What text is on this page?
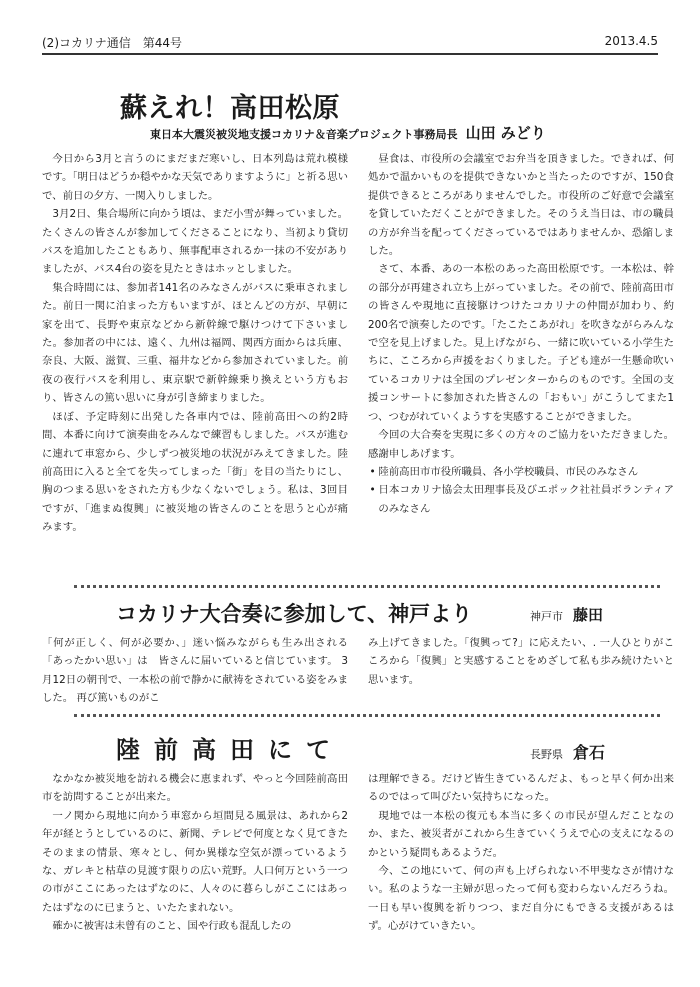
(2)コカリナ通信　第44号	2013.4.5
蘇えれ！高田松原
東日本大震災被災地支援コカリナ＆音楽プロジェクト事務局長 山田 みどり

今日から3月と言うのにまだまだ寒いし、日本列島は荒れ模様です。「明日はどうか穏やかな天気でありますように」と祈る思いで、前日の夕方、一関入りしました。

3月2日、集合場所に向かう頃は、まだ小雪が舞っていました。たくさんの皆さんが参加してくださることになり、当初より貸切バスを追加したこともあり、無事配車されるか一抹の不安がありましたが、バス4台の姿を見たときはホッとしました。

集合時間には、参加者141名のみなさんがバスに乗車されました。前日一関に泊まった方もいますが、ほとんどの方が、早朝に家を出て、長野や東京などから新幹線で駆けつけて下さいました。参加者の中には、遠く、九州は福岡、関西方面からは兵庫、奈良、大阪、滋賀、三重、福井などから参加されていました。前夜の夜行バスを利用し、東京駅で新幹線乗り換えという方もおり、皆さんの篤い思いに身が引き締まりました。

ほぼ、予定時刻に出発した各車内では、陸前高田への約2時間、本番に向けて演奏曲をみんなで練習もしました。バスが進むに連れて車窓から、少しずつ被災地の状況がみえてきました。陸前高田に入ると全てを失ってしまった「街」を目の当たりにし、胸のつまる思いをされた方も少なくないでしょう。私は、3回目ですが、「進まぬ復興」に被災地の皆さんのことを思うと心が痛みます。

昼食は、市役所の会議室でお弁当を頂きました。できれば、何処かで温かいものを提供できないかと当たったのですが、150食提供できるところがありませんでした。市役所のご好意で会議室を貸していただくことができました。そのうえ当日は、市の職員の方が弁当を配ってくださっているではありませんか、恐縮しました。

さて、本番、あの一本松のあった高田松原です。一本松は、幹の部分が再建され立ち上がっていました。その前で、陸前高田市の皆さんや現地に直接駆けつけたコカリナの仲間が加わり、約200名で演奏したのです。「たこたこあがれ」を吹きながらみんなで空を見上げました。見上げながら、一緒に吹いている小学生たちに、こころから声援をおくりました。子ども達が一生懸命吹いているコカリナは全国のプレゼンターからのものです。全国の支援コンサートに参加された皆さんの「おもい」がこうしてまた1つ、つむがれていくようすを実感することができました。

今回の大合奏を実現に多くの方々のご協力をいただきました。感謝申しあげます。

• 陸前高田市市役所職員、各小学校職員、市民のみなさん

• 日本コカリナ協会太田理事長及びエポック社社員ボランティアのみなさん

コカリナ大合奏に参加して、神戸より	神戸市 藤田

「何が正しく、何が必要か、」迷い悩みながらも生み出される「あったかい思い」は　皆さんに届いていると信じています。 3月12日の朝刊で、一本松の前で静かに献祷をされている姿をみました。 再び篤いものがこ

み上げてきました。「復興って?」に応えたい、. 一人ひとりがこころから「復興」と実感することをめざして私も歩み続けたいと思います。

陸前高田にて	長野県 倉石

なかなか被災地を訪れる機会に恵まれず、やっと今回陸前高田市を訪問することが出来た。

一ノ関から現地に向かう車窓から垣間見る風景は、あれから2年が経とうとしているのに、新聞、テレビで何度となく見てきたそのままの情景、寒々とし、何か異様な空気が漂っているような、ガレキと枯草の見渡す限りの広い荒野。人口何万という一つの市がここにあったはずなのに、人々のに暮らしがここにはあったはずなのに已まうと、いたたまれない。

確かに被害は未曾有のこと、国や行政も混乱したの

は理解できる。だけど皆生きているんだよ、もっと早く何か出来るのではって叫びたい気持ちになった。

現地では一本松の復元も本当に多くの市民が望んだことなのか、また、被災者がこれから生きていくうえで心の支えになるのかという疑問もあるようだ。

今、この地にいて、何の声も上げられない不甲斐なさが情けない。私のような一主婦が思ったって何も変わらないんだろうね。一日も早い復興を祈りつつ、まだ自分にもできる支援があるはず。心がけていきたい。
